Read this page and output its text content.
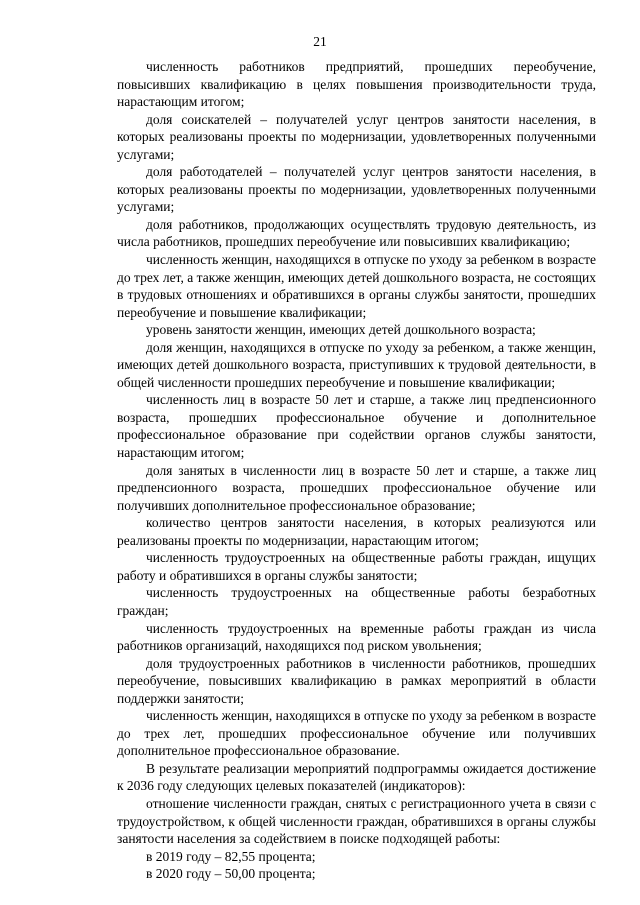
21

численность работников предприятий, прошедших переобучение, повысивших квалификацию в целях повышения производительности труда, нарастающим итогом;

доля соискателей – получателей услуг центров занятости населения, в которых реализованы проекты по модернизации, удовлетворенных полученными услугами;

доля работодателей – получателей услуг центров занятости населения, в которых реализованы проекты по модернизации, удовлетворенных полученными услугами;

доля работников, продолжающих осуществлять трудовую деятельность, из числа работников, прошедших переобучение или повысивших квалификацию;

численность женщин, находящихся в отпуске по уходу за ребенком в возрасте до трех лет, а также женщин, имеющих детей дошкольного возраста, не состоящих в трудовых отношениях и обратившихся в органы службы занятости, прошедших переобучение и повышение квалификации;

уровень занятости женщин, имеющих детей дошкольного возраста;

доля женщин, находящихся в отпуске по уходу за ребенком, а также женщин, имеющих детей дошкольного возраста, приступивших к трудовой деятельности, в общей численности прошедших переобучение и повышение квалификации;

численность лиц в возрасте 50 лет и старше, а также лиц предпенсионного возраста, прошедших профессиональное обучение и дополнительное профессиональное образование при содействии органов службы занятости, нарастающим итогом;

доля занятых в численности лиц в возрасте 50 лет и старше, а также лиц предпенсионного возраста, прошедших профессиональное обучение или получивших дополнительное профессиональное образование;

количество центров занятости населения, в которых реализуются или реализованы проекты по модернизации, нарастающим итогом;

численность трудоустроенных на общественные работы граждан, ищущих работу и обратившихся в органы службы занятости;

численность трудоустроенных на общественные работы безработных граждан;

численность трудоустроенных на временные работы граждан из числа работников организаций, находящихся под риском увольнения;

доля трудоустроенных работников в численности работников, прошедших переобучение, повысивших квалификацию в рамках мероприятий в области поддержки занятости;

численность женщин, находящихся в отпуске по уходу за ребенком в возрасте до трех лет, прошедших профессиональное обучение или получивших дополнительное профессиональное образование.

В результате реализации мероприятий подпрограммы ожидается достижение к 2036 году следующих целевых показателей (индикаторов):

отношение численности граждан, снятых с регистрационного учета в связи с трудоустройством, к общей численности граждан, обратившихся в органы службы занятости населения за содействием в поиске подходящей работы:

в 2019 году – 82,55 процента;

в 2020 году – 50,00 процента;
